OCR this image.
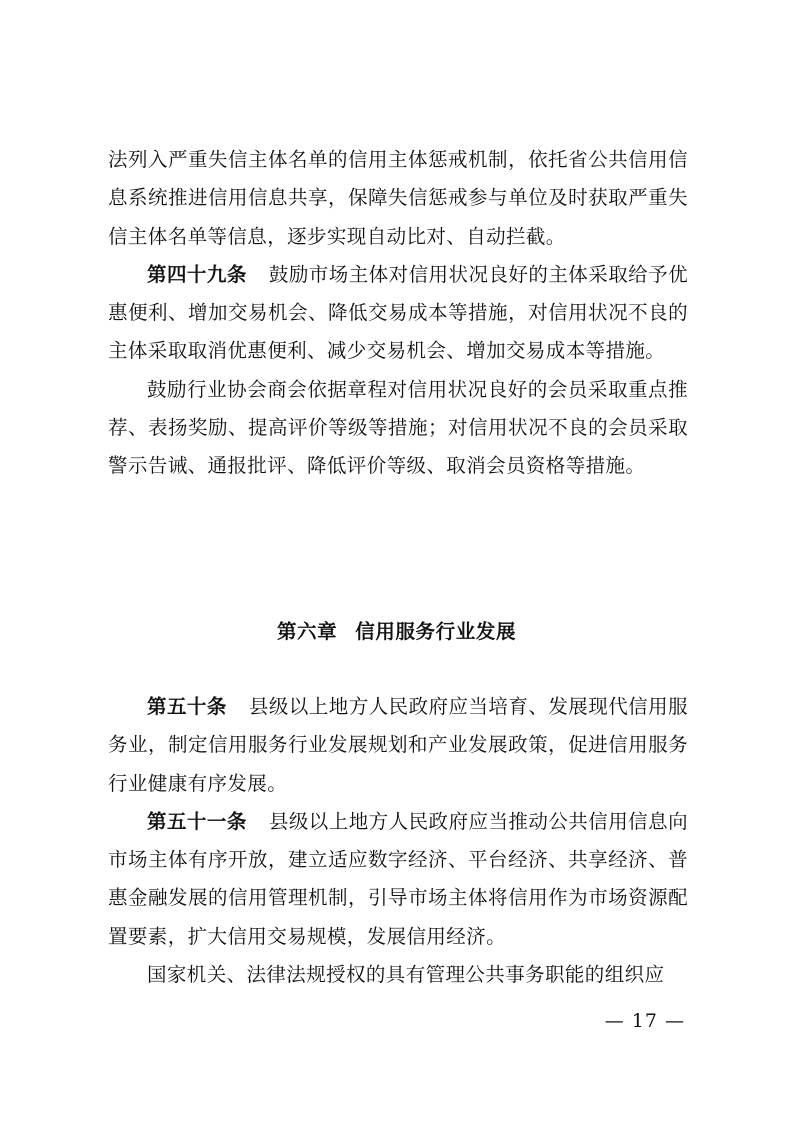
法列入严重失信主体名单的信用主体惩戒机制，依托省公共信用信息系统推进信用信息共享，保障失信惩戒参与单位及时获取严重失信主体名单等信息，逐步实现自动比对、自动拦截。

第四十九条 鼓励市场主体对信用状况良好的主体采取给予优惠便利、增加交易机会、降低交易成本等措施，对信用状况不良的主体采取取消优惠便利、减少交易机会、增加交易成本等措施。

鼓励行业协会商会依据章程对信用状况良好的会员采取重点推荐、表扬奖励、提高评价等级等措施；对信用状况不良的会员采取警示告诫、通报批评、降低评价等级、取消会员资格等措施。

第六章 信用服务行业发展

第五十条 县级以上地方人民政府应当培育、发展现代信用服务业，制定信用服务行业发展规划和产业发展政策，促进信用服务行业健康有序发展。

第五十一条 县级以上地方人民政府应当推动公共信用信息向市场主体有序开放，建立适应数字经济、平台经济、共享经济、普惠金融发展的信用管理机制，引导市场主体将信用作为市场资源配置要素，扩大信用交易规模，发展信用经济。

国家机关、法律法规授权的具有管理公共事务职能的组织应

— 17 —
